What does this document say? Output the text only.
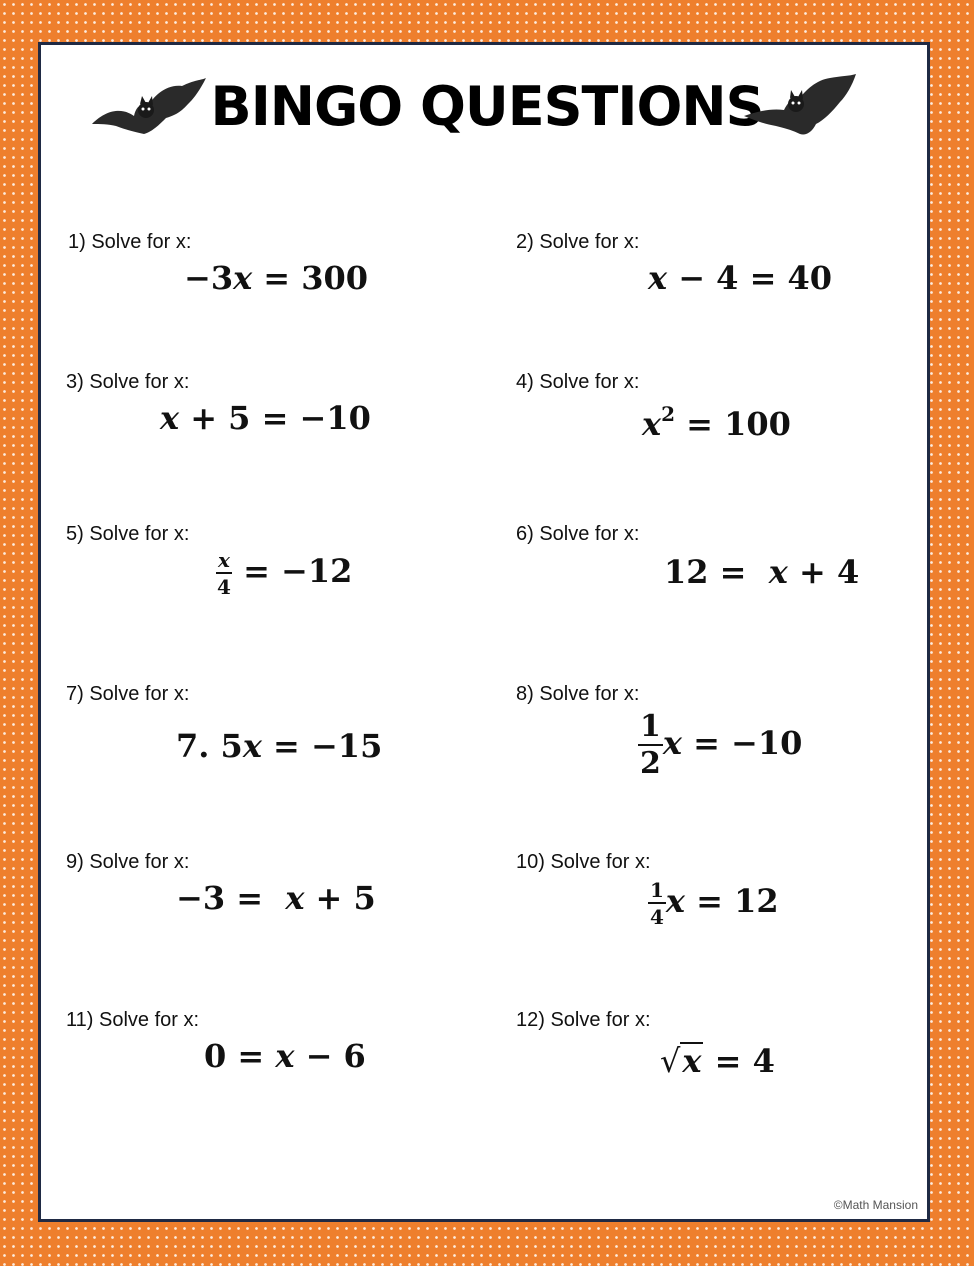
BINGO QUESTIONS
1) Solve for x:
−3x = 300
2) Solve for x:
x − 4 = 40
3) Solve for x:
x + 5 = −10
4) Solve for x:
$x^2 = 100$
5) Solve for x:
$\frac{x}{4} = -12$
6) Solve for x:
12 =  x + 4
7) Solve for x:
7. 5x = −15
8) Solve for x:
$\frac{1}{2}$ x = −10
9) Solve for x:
−3 =  x + 5
10) Solve for x:
$\frac{1}{4}$ x = 12
11) Solve for x:
0 = x − 6
12) Solve for x:
√x = 4
©Math Mansion
